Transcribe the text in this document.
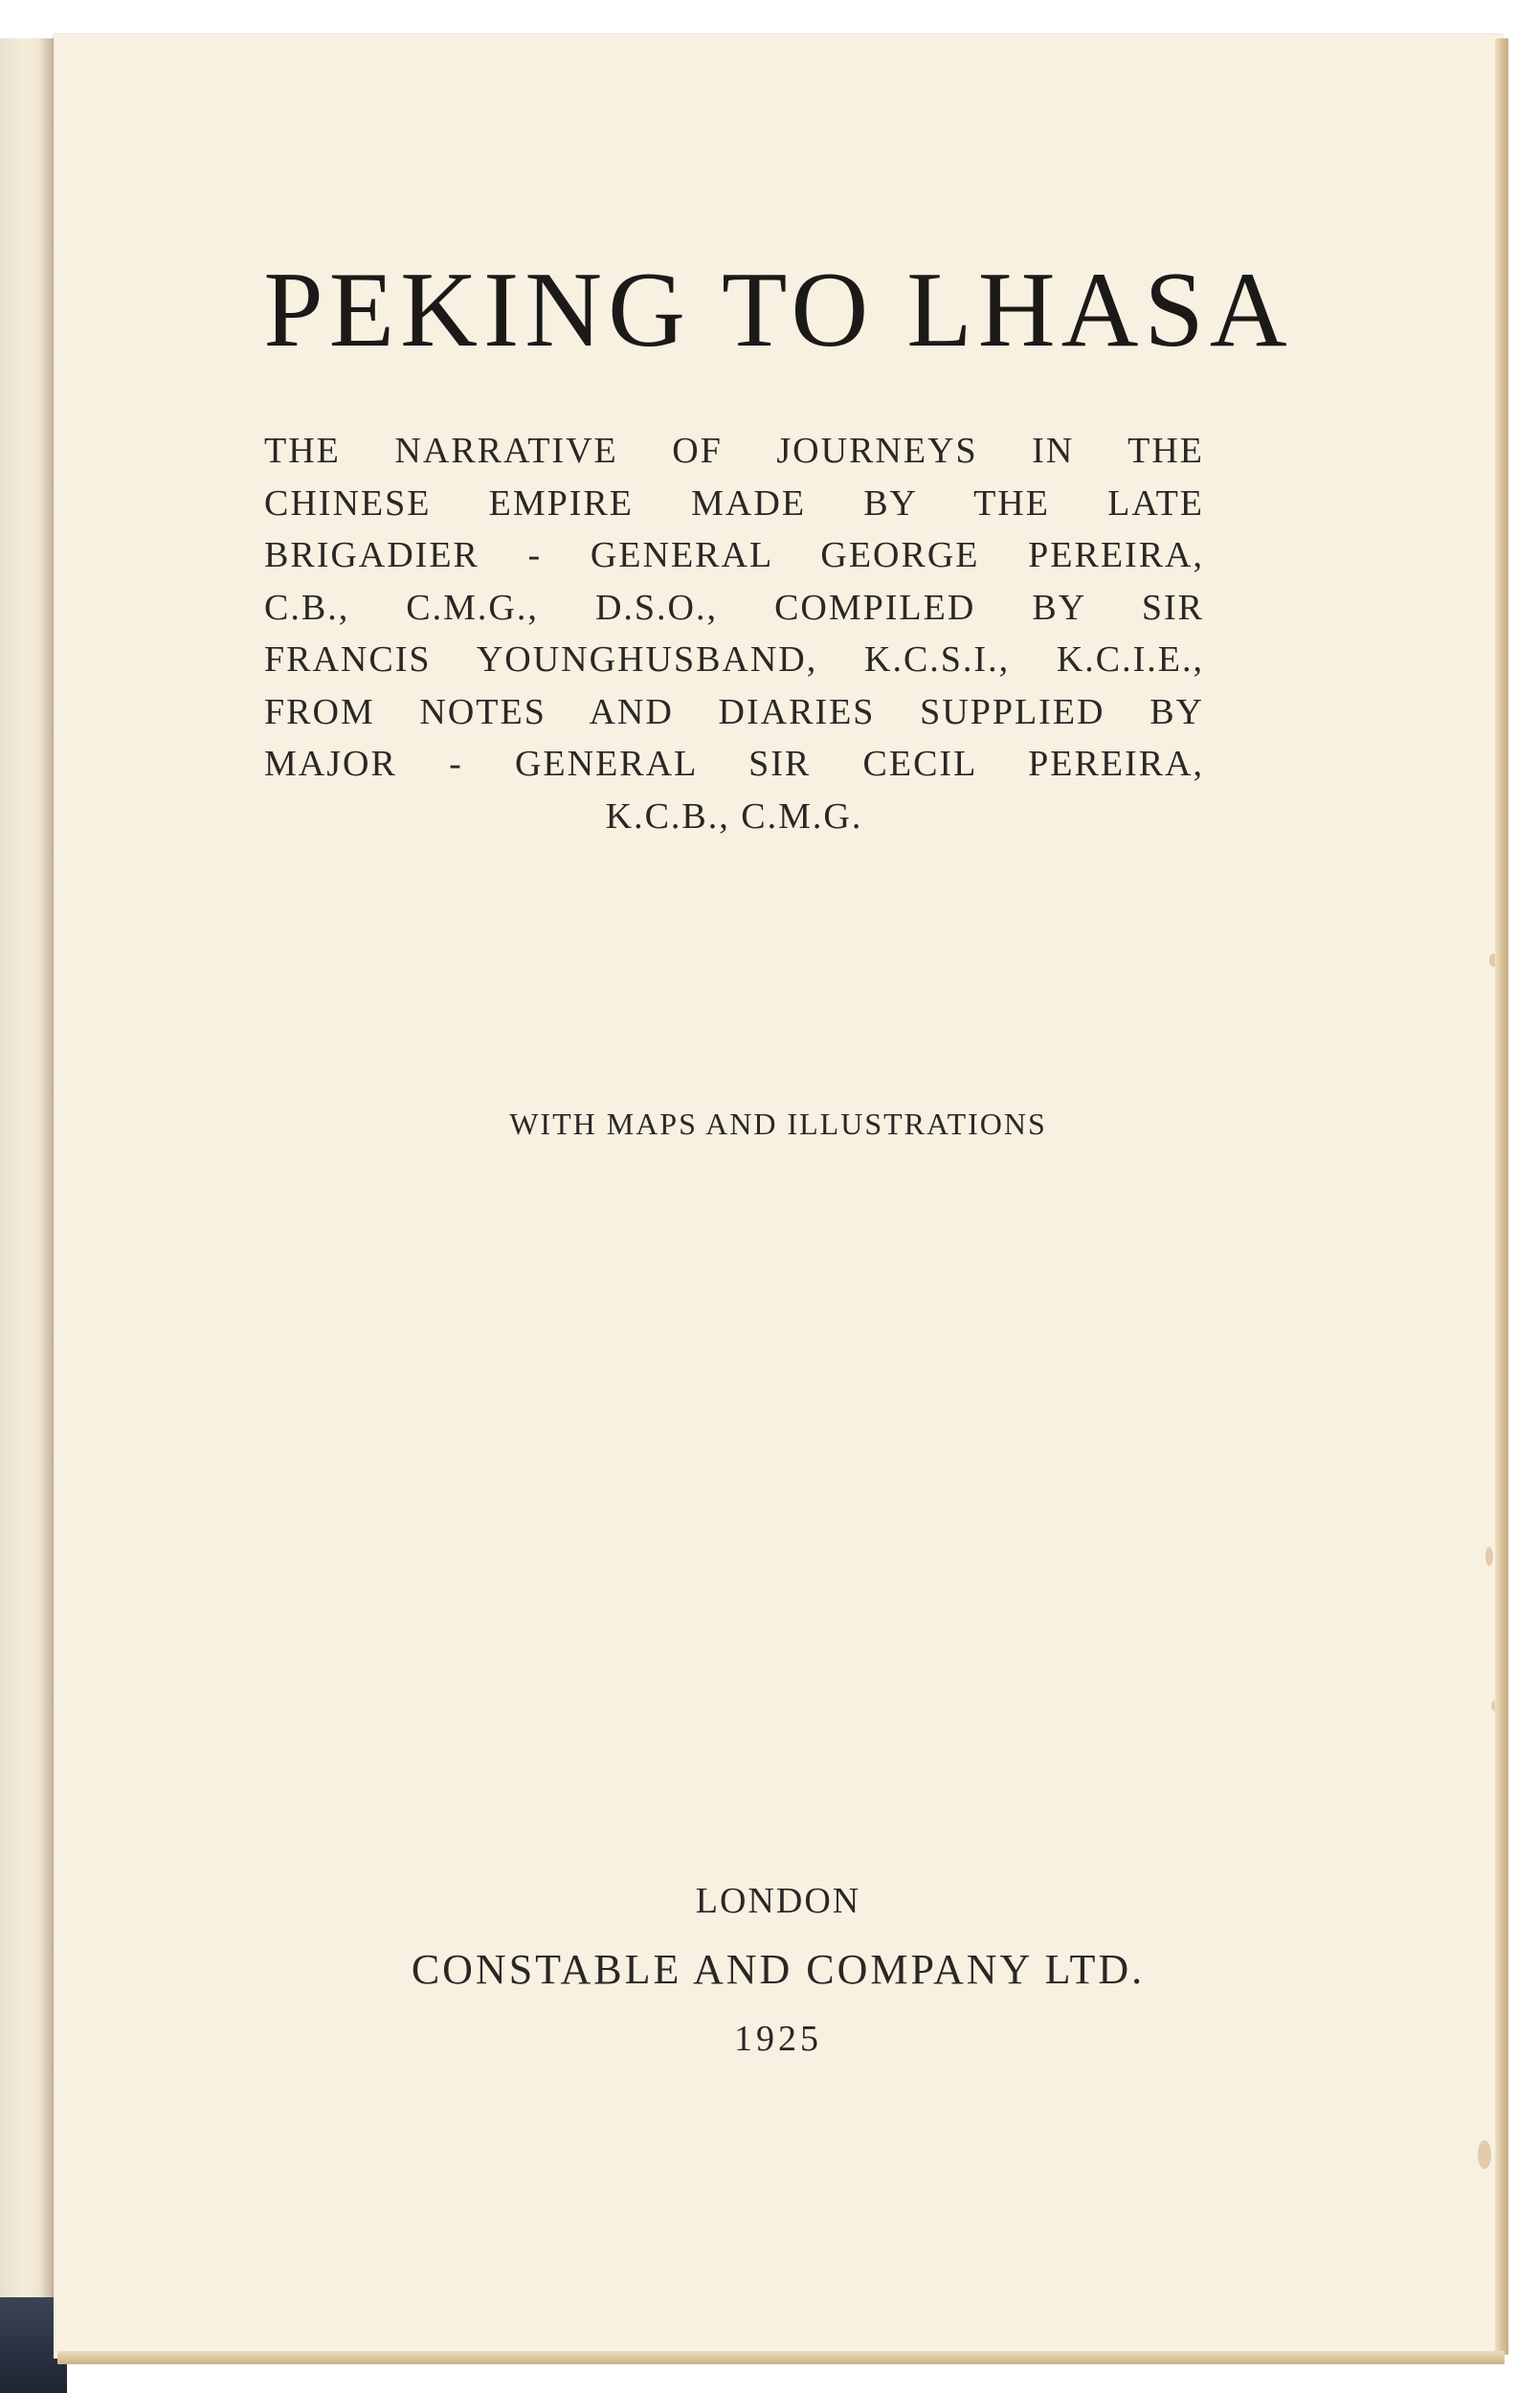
PEKING TO LHASA
THE NARRATIVE OF JOURNEYS IN THE
CHINESE EMPIRE MADE BY THE LATE
BRIGADIER - GENERAL GEORGE PEREIRA,
C.B., C.M.G., D.S.O., COMPILED BY SIR
FRANCIS YOUNGHUSBAND, K.C.S.I., K.C.I.E.,
FROM NOTES AND DIARIES SUPPLIED BY
MAJOR - GENERAL SIR CECIL PEREIRA,
K.C.B., C.M.G.
WITH MAPS AND ILLUSTRATIONS
LONDON
CONSTABLE AND COMPANY LTD.
1925
